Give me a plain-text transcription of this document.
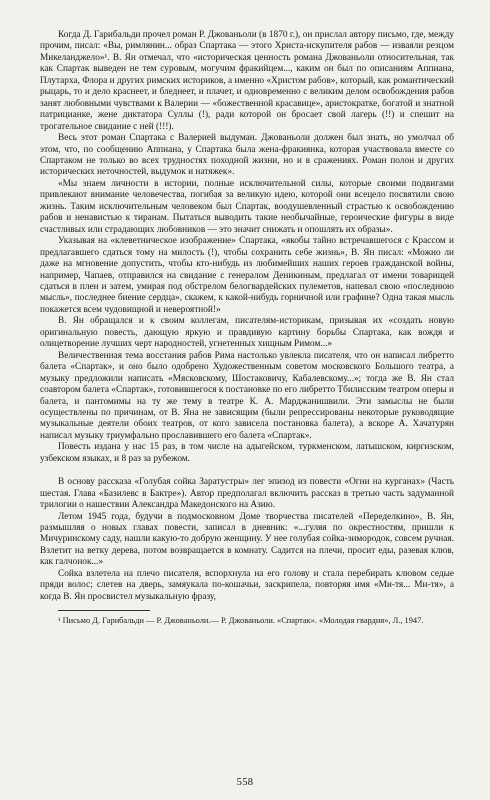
Когда Д. Гарибальди прочел роман Р. Джованьоли (в 1870 г.), он прислал автору письмо, где, между прочим, писал: «Вы, римлянин... образ Спартака — этого Христа-искупителя рабов — изваяли резцом Микеланджело»¹. В. Ян отмечал, что «историческая ценность романа Джованьоли относительная, так как Спартак выведен не тем суровым, могучим фракийцем..., каким он был по описаниям Аппиана, Плутарха, Флора и других римских историков, а именно «Христом рабов», который, как романтический рыцарь, то и дело краснеет, и бледнеет, и плачет, и одновременно с великим делом освобождения рабов занят любовными чувствами к Валерии — «божественной красавице», аристократке, богатой и знатной патрицианке, жене диктатора Суллы (!), ради которой он бросает свой лагерь (!!) и спешит на трогательное свидание с ней (!!!).

Весь этот роман Спартака с Валерией выдуман. Джованьоли должен был знать, но умолчал об этом, что, по сообщению Аппиана, у Спартака была жена-фракиянка, которая участвовала вместе со Спартаком не только во всех трудностях походной жизни, но и в сражениях. Роман полон и других исторических неточностей, выдумок и натяжек».

«Мы знаем личности в истории, полные исключительной силы, которые своими подвигами привлекают внимание человечества, погибая за великую идею, которой они всецело посвятили свою жизнь. Таким исключительным человеком был Спартак, воодушевленный страстью к освобождению рабов и ненавистью к тиранам. Пытаться выводить такие необычайные, героические фигуры в виде счастливых или страдающих любовников — это значит снижать и опошлять их образы».

Указывая на «клеветническое изображение» Спартака, «якобы тайно встречавшегося с Крассом и предлагавшего сдаться тому на милость (!), чтобы сохранить себе жизнь», В. Ян писал: «Можно ли даже на мгновение допустить, чтобы кто-нибудь из любимейших наших героев гражданской войны, например, Чапаев, отправился на свидание с генералом Деникиным, предлагал от имени товарищей сдаться в плен и затем, умирая под обстрелом белогвардейских пулеметов, напевал свою «последнюю мысль», последнее биение сердца», скажем, к какой-нибудь горничной или графине? Одна такая мысль покажется всем чудовищной и невероятной!»

В. Ян обращался и к своим коллегам, писателям-историкам, призывая их «создать новую оригинальную повесть, дающую яркую и правдивую картину борьбы Спартака, как вождя и олицетворение лучших черт народностей, угнетенных хищным Римом...»

Величественная тема восстания рабов Рима настолько увлекла писателя, что он написал либретто балета «Спартак», и оно было одобрено Художественным советом московского Большого театра, а музыку предложили написать «Мясковскому, Шостаковичу, Кабалевскому...»; тогда же В. Ян стал соавтором балета «Спартак», готовившегося к постановке по его либретто Тбилисским театром оперы и балета, и пантомимы на ту же тему в театре К. А. Марджанишвили. Эти замыслы не были осуществлены по причинам, от В. Яна не зависящим (были репрессированы некоторые руководящие музыкальные деятели обоих театров, от кого зависела постановка балета), а вскоре А. Хачатурян написал музыку триумфально прославившего его балета «Спартак».

Повесть издана у нас 15 раз, в том числе на адыгейском, туркменском, латышском, киргизском, узбекском языках, и 8 раз за рубежом.

В основу рассказа «Голубая сойка Заратустры» лег эпизод из повести «Огни на курганах» (Часть шестая. Глава «Базилевс в Бактре»). Автор предполагал включить рассказ в третью часть задуманной трилогии о нашествии Александра Македонского на Азию.

Летом 1945 года, будучи в подмосковном Доме творчества писателей «Переделкино», В. Ян, размышляя о новых главах повести, записал в дневник: «...гуляя по окрестностям, пришли к Мичуринскому саду, нашли какую-то добрую женщину. У нее голубая сойка-зимородок, совсем ручная. Взлетит на ветку дерева, потом возвращается в комнату. Садится на плечи, просит еды, разевая клюв, как галчонок...»

Сойка взлетела на плечо писателя, вспорхнула на его голову и стала перебирать клювом седые пряди волос; слетев на дверь, замяукала по-кошачьи, заскрипела, повторяя имя «Ми-тя... Ми-тя», а когда В. Ян просвистел музыкальную фразу,

¹ Письмо Д. Гарибальди — Р. Джованьоли.— Р. Джованьоли. «Спартак». «Молодая гвардия», Л., 1947.

558
